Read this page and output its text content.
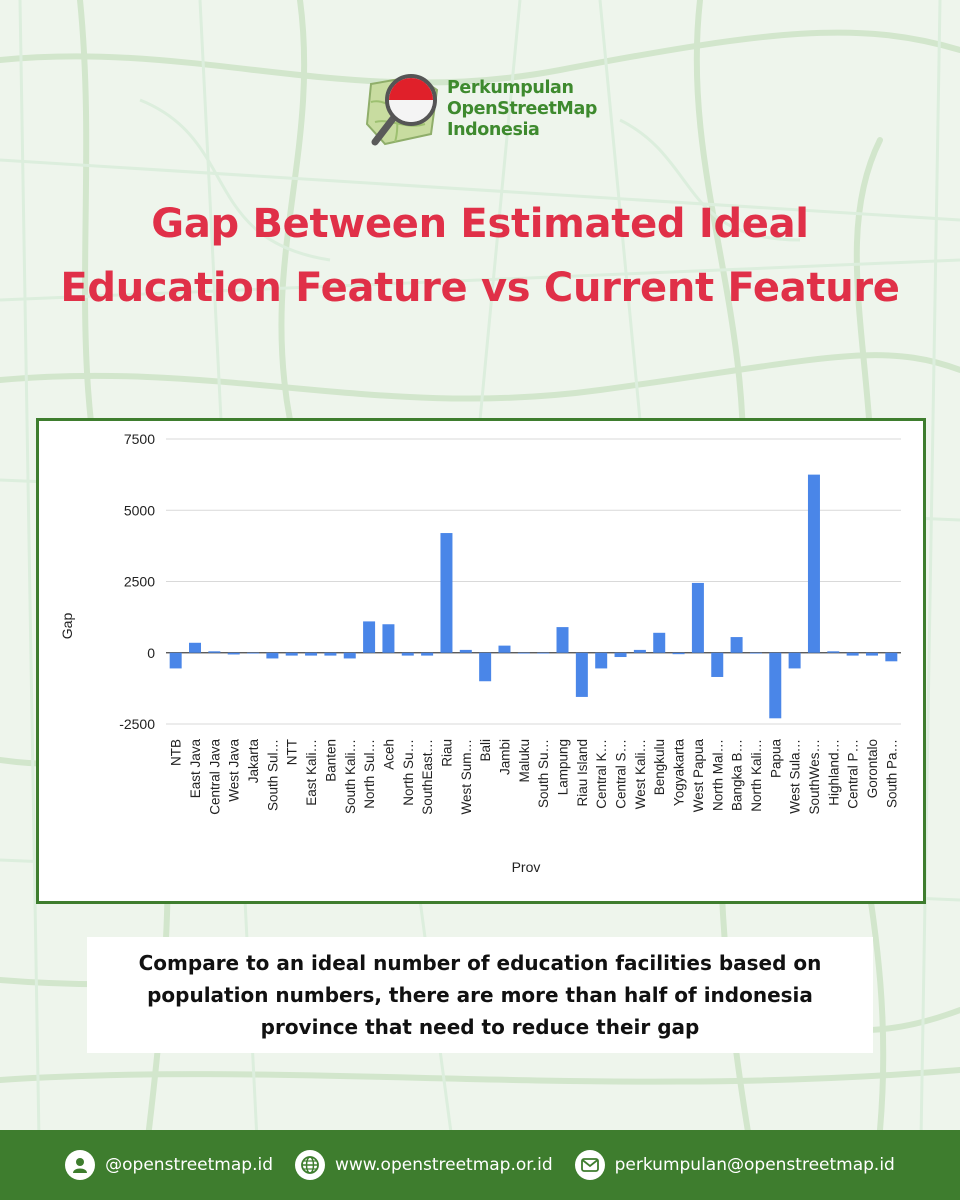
Perkumpulan
OpenStreetMap
Indonesia
Gap Between Estimated Ideal Education Feature vs Current Feature
7500
5000
2500
0
-2500
NTB East Java Central Java West Java Jakarta South Sul… NTT East Kali… Banten South Kali… North Sul… Aceh North Su… SouthEast… Riau West Sum… Bali Jambi Maluku South Su… Lampung Riau Island Central K… Central S… West Kali… Bengkulu Yogyakarta West Papua North Mal… Bangka B… North Kali… Papua West Sula… SouthWes… Highland… Central P… Gorontalo South Pa…
Gap
Prov
Compare to an ideal number of education facilities based on population numbers, there are more than half of indonesia province that need to reduce their gap
@openstreetmap.id	www.openstreetmap.or.id	perkumpulan@openstreetmap.id
